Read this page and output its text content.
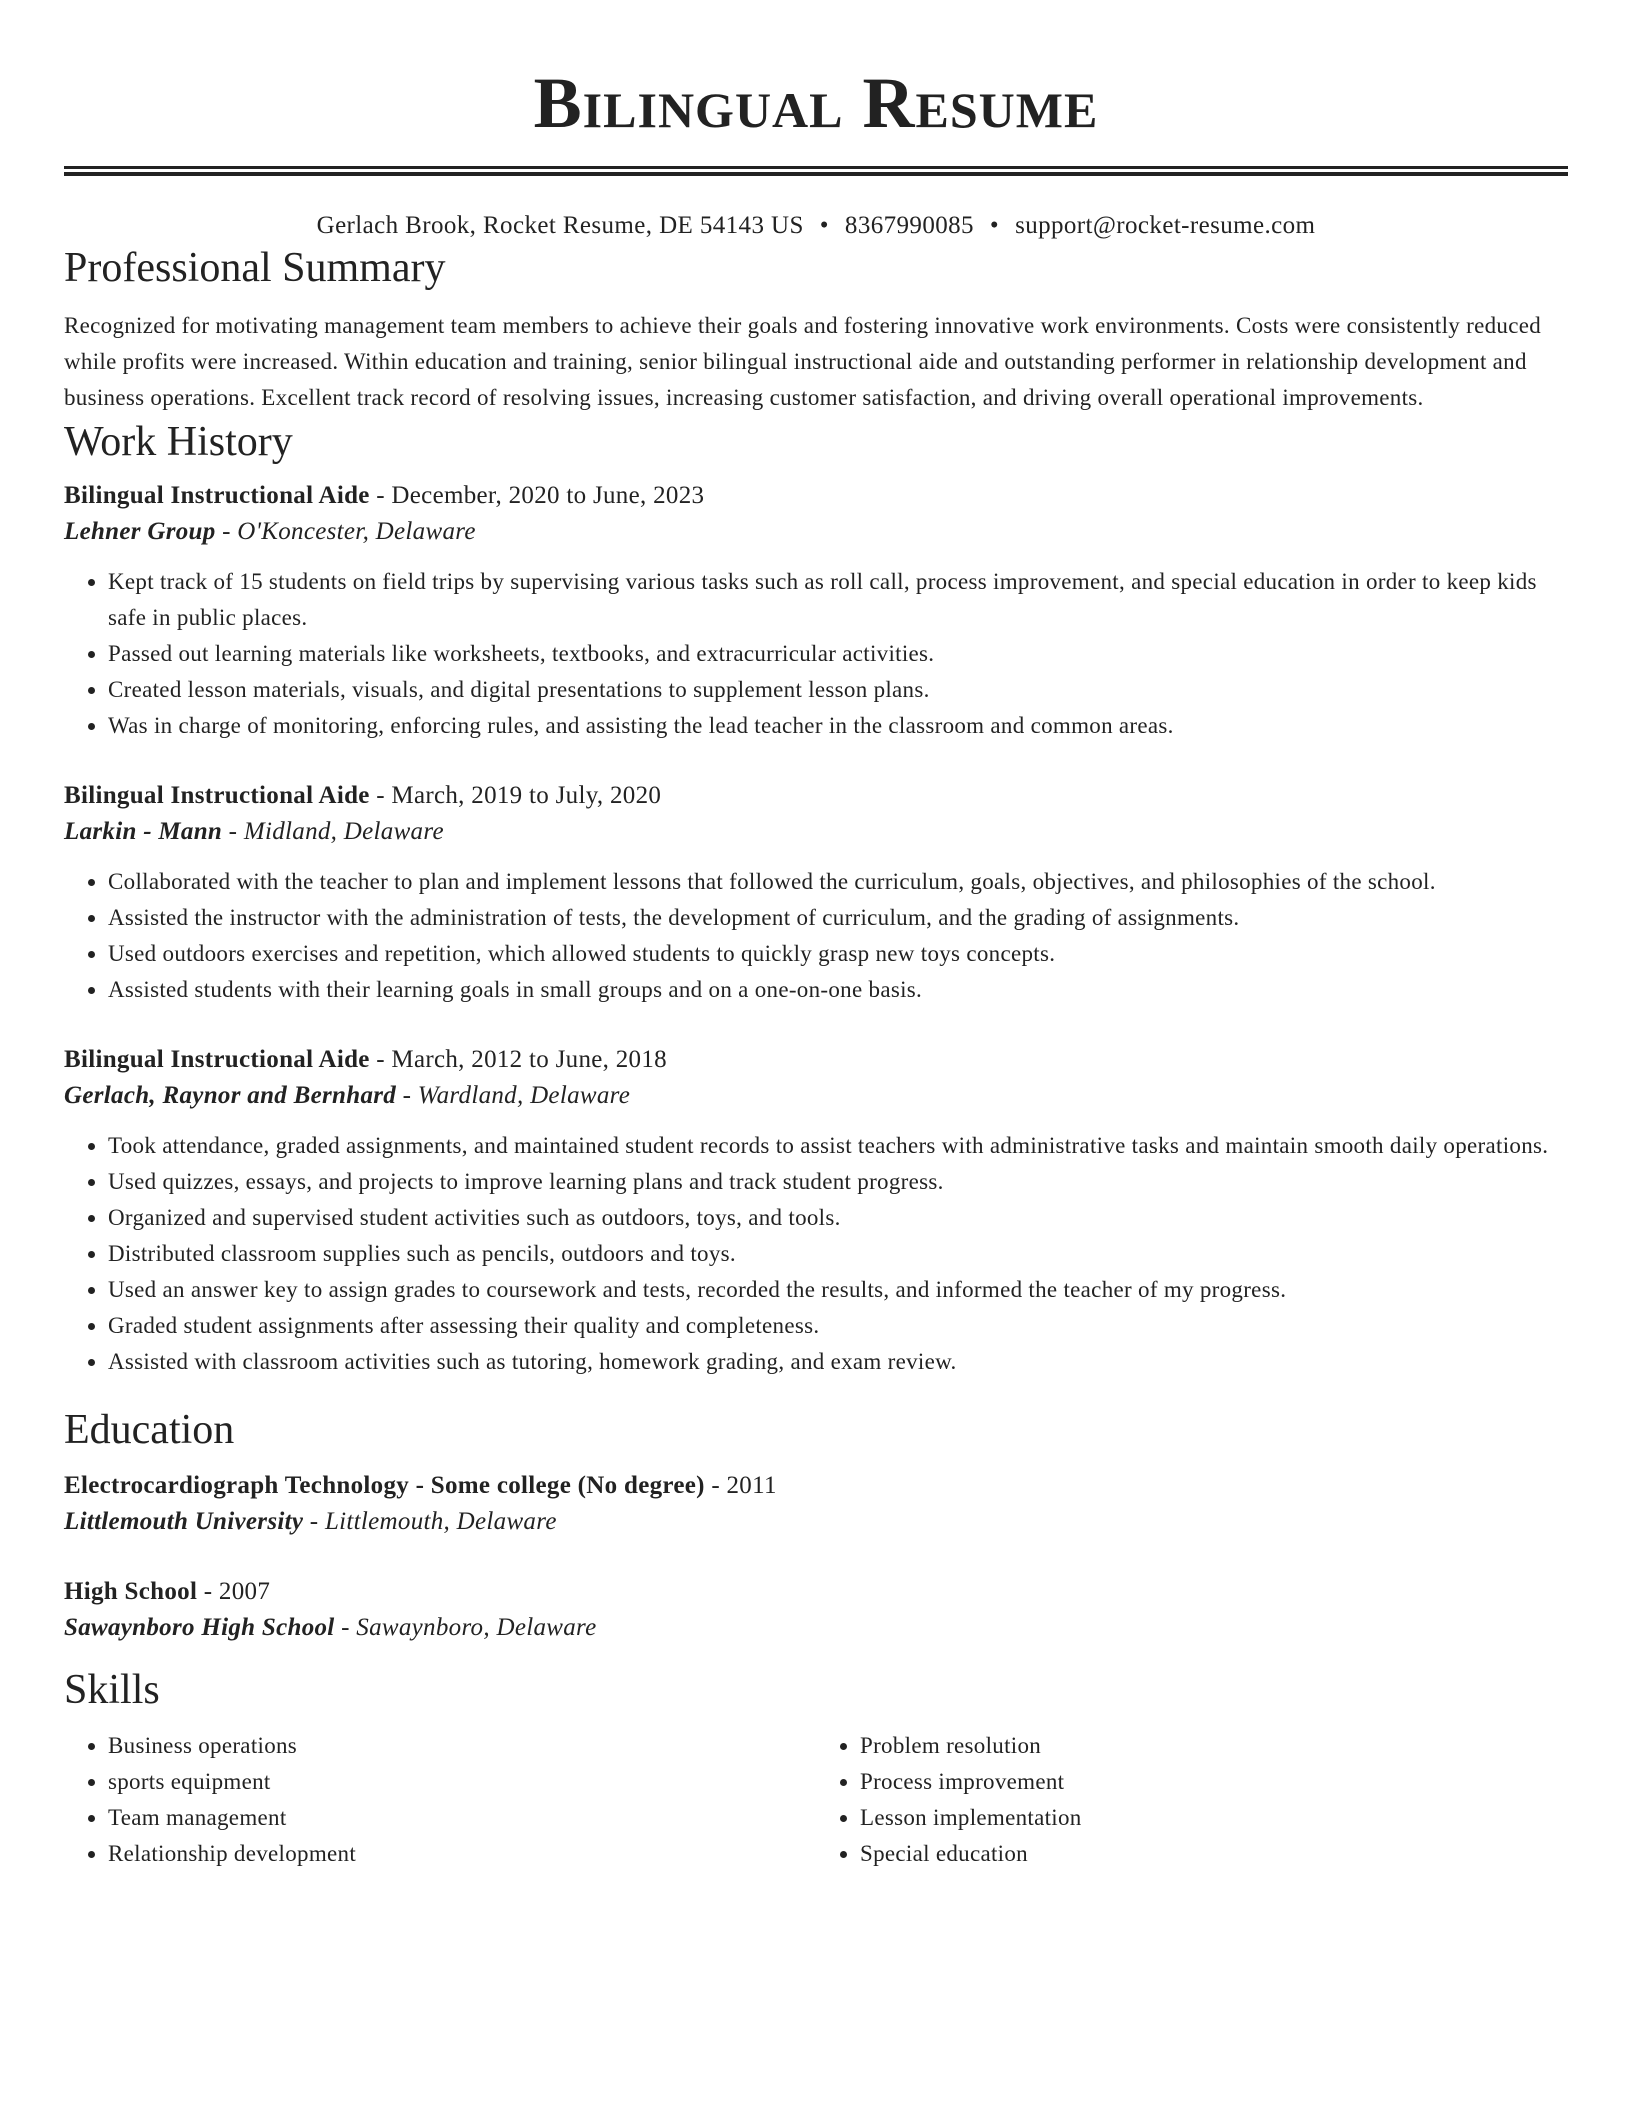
Bilingual Resume
Gerlach Brook, Rocket Resume, DE 54143 US • 8367990085 • support@rocket-resume.com
Professional Summary
Recognized for motivating management team members to achieve their goals and fostering innovative work environments. Costs were consistently reduced while profits were increased. Within education and training, senior bilingual instructional aide and outstanding performer in relationship development and business operations. Excellent track record of resolving issues, increasing customer satisfaction, and driving overall operational improvements.
Work History
Bilingual Instructional Aide - December, 2020 to June, 2023
Lehner Group - O'Koncester, Delaware
• Kept track of 15 students on field trips by supervising various tasks such as roll call, process improvement, and special education in order to keep kids safe in public places.
• Passed out learning materials like worksheets, textbooks, and extracurricular activities.
• Created lesson materials, visuals, and digital presentations to supplement lesson plans.
• Was in charge of monitoring, enforcing rules, and assisting the lead teacher in the classroom and common areas.
Bilingual Instructional Aide - March, 2019 to July, 2020
Larkin - Mann - Midland, Delaware
• Collaborated with the teacher to plan and implement lessons that followed the curriculum, goals, objectives, and philosophies of the school.
• Assisted the instructor with the administration of tests, the development of curriculum, and the grading of assignments.
• Used outdoors exercises and repetition, which allowed students to quickly grasp new toys concepts.
• Assisted students with their learning goals in small groups and on a one-on-one basis.
Bilingual Instructional Aide - March, 2012 to June, 2018
Gerlach, Raynor and Bernhard - Wardland, Delaware
• Took attendance, graded assignments, and maintained student records to assist teachers with administrative tasks and maintain smooth daily operations.
• Used quizzes, essays, and projects to improve learning plans and track student progress.
• Organized and supervised student activities such as outdoors, toys, and tools.
• Distributed classroom supplies such as pencils, outdoors and toys.
• Used an answer key to assign grades to coursework and tests, recorded the results, and informed the teacher of my progress.
• Graded student assignments after assessing their quality and completeness.
• Assisted with classroom activities such as tutoring, homework grading, and exam review.
Education
Electrocardiograph Technology - Some college (No degree) - 2011
Littlemouth University - Littlemouth, Delaware
High School - 2007
Sawaynboro High School - Sawaynboro, Delaware
Skills
• Business operations
• sports equipment
• Team management
• Relationship development
• Problem resolution
• Process improvement
• Lesson implementation
• Special education
